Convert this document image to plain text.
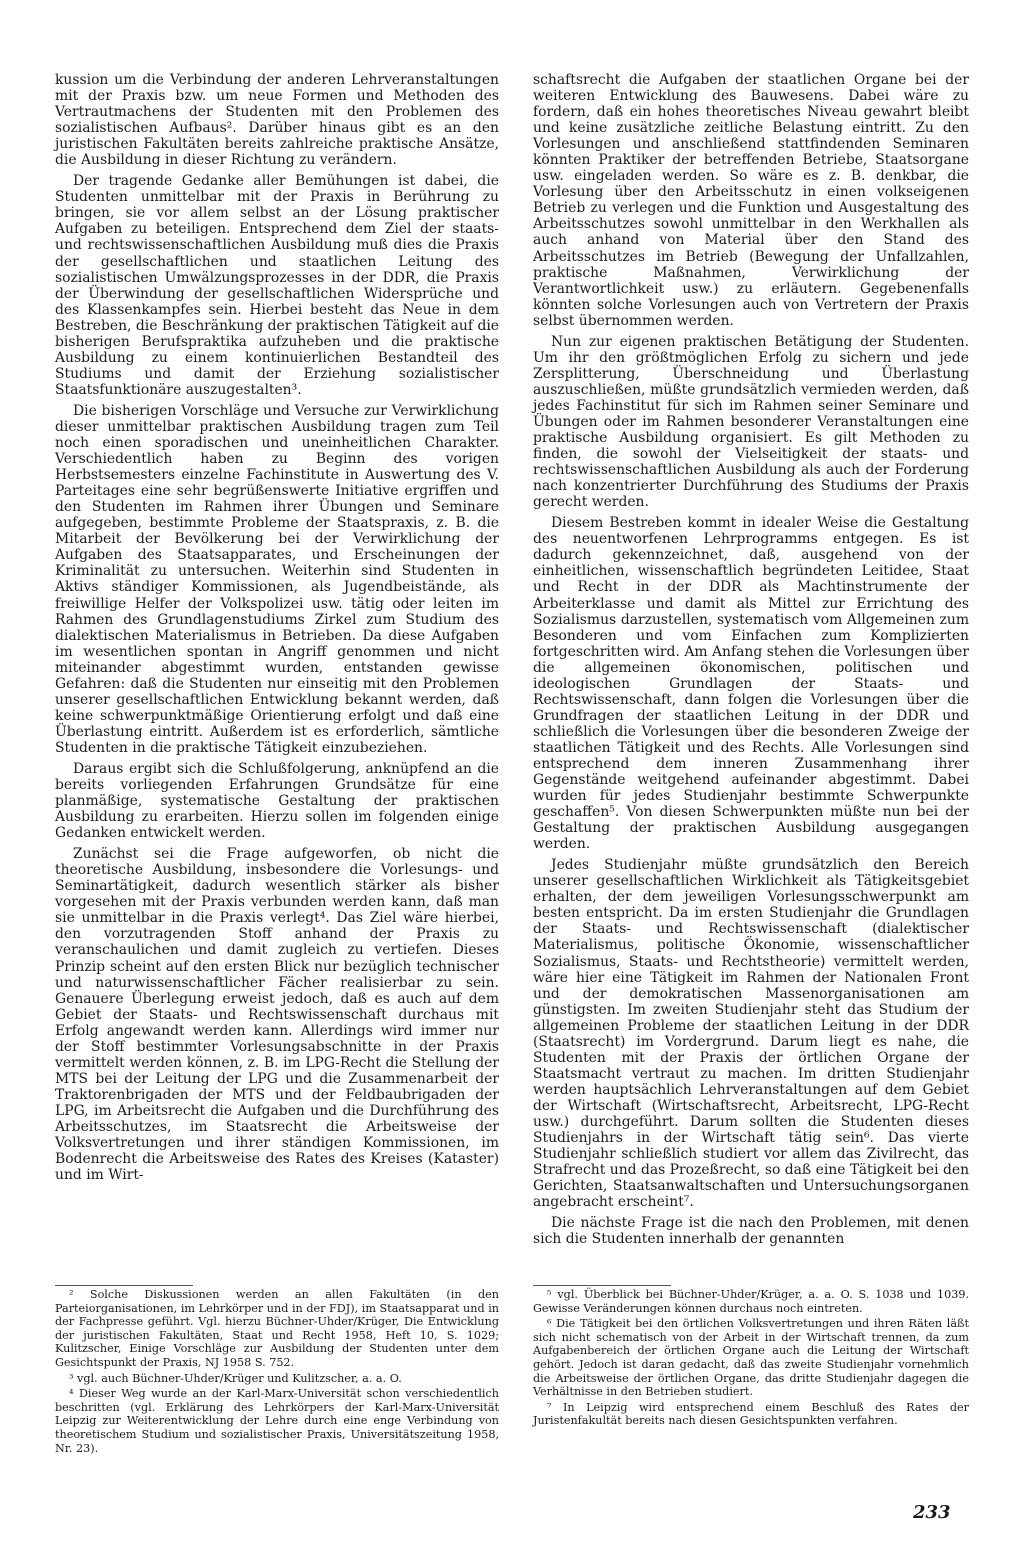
kussion um die Verbindung der anderen Lehrveranstaltungen mit der Praxis bzw. um neue Formen und Methoden des Vertrautmachens der Studenten mit den Problemen des sozialistischen Aufbaus². Darüber hinaus gibt es an den juristischen Fakultäten bereits zahlreiche praktische Ansätze, die Ausbildung in dieser Richtung zu verändern.

Der tragende Gedanke aller Bemühungen ist dabei, die Studenten unmittelbar mit der Praxis in Berührung zu bringen, sie vor allem selbst an der Lösung praktischer Aufgaben zu beteiligen. Entsprechend dem Ziel der staats- und rechtswissenschaftlichen Ausbildung muß dies die Praxis der gesellschaftlichen und staatlichen Leitung des sozialistischen Umwälzungsprozesses in der DDR, die Praxis der Überwindung der gesellschaftlichen Widersprüche und des Klassenkampfes sein. Hierbei besteht das Neue in dem Bestreben, die Beschränkung der praktischen Tätigkeit auf die bisherigen Berufspraktika aufzuheben und die praktische Ausbildung zu einem kontinuierlichen Bestandteil des Studiums und damit der Erziehung sozialistischer Staatsfunktionäre auszugestalten³.

Die bisherigen Vorschläge und Versuche zur Verwirklichung dieser unmittelbar praktischen Ausbildung tragen zum Teil noch einen sporadischen und uneinheitlichen Charakter. Verschiedentlich haben zu Beginn des vorigen Herbstsemesters einzelne Fachinstitute in Auswertung des V. Parteitages eine sehr begrüßenswerte Initiative ergriffen und den Studenten im Rahmen ihrer Übungen und Seminare aufgegeben, bestimmte Probleme der Staatspraxis, z. B. die Mitarbeit der Bevölkerung bei der Verwirklichung der Aufgaben des Staatsapparates, und Erscheinungen der Kriminalität zu untersuchen. Weiterhin sind Studenten in Aktivs ständiger Kommissionen, als Jugendbeistände, als freiwillige Helfer der Volkspolizei usw. tätig oder leiten im Rahmen des Grundlagenstudiums Zirkel zum Studium des dialektischen Materialismus in Betrieben. Da diese Aufgaben im wesentlichen spontan in Angriff genommen und nicht miteinander abgestimmt wurden, entstanden gewisse Gefahren: daß die Studenten nur einseitig mit den Problemen unserer gesellschaftlichen Entwicklung bekannt werden, daß keine schwerpunktmäßige Orientierung erfolgt und daß eine Überlastung eintritt. Außerdem ist es erforderlich, sämtliche Studenten in die praktische Tätigkeit einzubeziehen.

Daraus ergibt sich die Schlußfolgerung, anknüpfend an die bereits vorliegenden Erfahrungen Grundsätze für eine planmäßige, systematische Gestaltung der praktischen Ausbildung zu erarbeiten. Hierzu sollen im folgenden einige Gedanken entwickelt werden.

Zunächst sei die Frage aufgeworfen, ob nicht die theoretische Ausbildung, insbesondere die Vorlesungs- und Seminartätigkeit, dadurch wesentlich stärker als bisher vorgesehen mit der Praxis verbunden werden kann, daß man sie unmittelbar in die Praxis verlegt⁴. Das Ziel wäre hierbei, den vorzutragenden Stoff anhand der Praxis zu veranschaulichen und damit zugleich zu vertiefen. Dieses Prinzip scheint auf den ersten Blick nur bezüglich technischer und naturwissenschaftlicher Fächer realisierbar zu sein. Genauere Überlegung erweist jedoch, daß es auch auf dem Gebiet der Staats- und Rechtswissenschaft durchaus mit Erfolg angewandt werden kann. Allerdings wird immer nur der Stoff bestimmter Vorlesungsabschnitte in der Praxis vermittelt werden können, z. B. im LPG-Recht die Stellung der MTS bei der Leitung der LPG und die Zusammenarbeit der Traktorenbrigaden der MTS und der Feldbaubrigaden der LPG, im Arbeitsrecht die Aufgaben und die Durchführung des Arbeitsschutzes, im Staatsrecht die Arbeitsweise der Volksvertretungen und ihrer ständigen Kommissionen, im Bodenrecht die Arbeitsweise des Rates des Kreises (Kataster) und im Wirt-

schaftsrecht die Aufgaben der staatlichen Organe bei der weiteren Entwicklung des Bauwesens. Dabei wäre zu fordern, daß ein hohes theoretisches Niveau gewahrt bleibt und keine zusätzliche zeitliche Belastung eintritt. Zu den Vorlesungen und anschließend stattfindenden Seminaren könnten Praktiker der betreffenden Betriebe, Staatsorgane usw. eingeladen werden. So wäre es z. B. denkbar, die Vorlesung über den Arbeitsschutz in einen volkseigenen Betrieb zu verlegen und die Funktion und Ausgestaltung des Arbeitsschutzes sowohl unmittelbar in den Werkhallen als auch anhand von Material über den Stand des Arbeitsschutzes im Betrieb (Bewegung der Unfallzahlen, praktische Maßnahmen, Verwirklichung der Verantwortlichkeit usw.) zu erläutern. Gegebenenfalls könnten solche Vorlesungen auch von Vertretern der Praxis selbst übernommen werden.

Nun zur eigenen praktischen Betätigung der Studenten. Um ihr den größtmöglichen Erfolg zu sichern und jede Zersplitterung, Überschneidung und Überlastung auszuschließen, müßte grundsätzlich vermieden werden, daß jedes Fachinstitut für sich im Rahmen seiner Seminare und Übungen oder im Rahmen besonderer Veranstaltungen eine praktische Ausbildung organisiert. Es gilt Methoden zu finden, die sowohl der Vielseitigkeit der staats- und rechtswissenschaftlichen Ausbildung als auch der Forderung nach konzentrierter Durchführung des Studiums der Praxis gerecht werden.

Diesem Bestreben kommt in idealer Weise die Gestaltung des neuentworfenen Lehrprogramms entgegen. Es ist dadurch gekennzeichnet, daß, ausgehend von der einheitlichen, wissenschaftlich begründeten Leitidee, Staat und Recht in der DDR als Machtinstrumente der Arbeiterklasse und damit als Mittel zur Errichtung des Sozialismus darzustellen, systematisch vom Allgemeinen zum Besonderen und vom Einfachen zum Komplizierten fortgeschritten wird. Am Anfang stehen die Vorlesungen über die allgemeinen ökonomischen, politischen und ideologischen Grundlagen der Staats- und Rechtswissenschaft, dann folgen die Vorlesungen über die Grundfragen der staatlichen Leitung in der DDR und schließlich die Vorlesungen über die besonderen Zweige der staatlichen Tätigkeit und des Rechts. Alle Vorlesungen sind entsprechend dem inneren Zusammenhang ihrer Gegenstände weitgehend aufeinander abgestimmt. Dabei wurden für jedes Studienjahr bestimmte Schwerpunkte geschaffen⁵. Von diesen Schwerpunkten müßte nun bei der Gestaltung der praktischen Ausbildung ausgegangen werden.

Jedes Studienjahr müßte grundsätzlich den Bereich unserer gesellschaftlichen Wirklichkeit als Tätigkeitsgebiet erhalten, der dem jeweiligen Vorlesungsschwerpunkt am besten entspricht. Da im ersten Studienjahr die Grundlagen der Staats- und Rechtswissenschaft (dialektischer Materialismus, politische Ökonomie, wissenschaftlicher Sozialismus, Staats- und Rechtstheorie) vermittelt werden, wäre hier eine Tätigkeit im Rahmen der Nationalen Front und der demokratischen Massenorganisationen am günstigsten. Im zweiten Studienjahr steht das Studium der allgemeinen Probleme der staatlichen Leitung in der DDR (Staatsrecht) im Vordergrund. Darum liegt es nahe, die Studenten mit der Praxis der örtlichen Organe der Staatsmacht vertraut zu machen. Im dritten Studienjahr werden hauptsächlich Lehrveranstaltungen auf dem Gebiet der Wirtschaft (Wirtschaftsrecht, Arbeitsrecht, LPG-Recht usw.) durchgeführt. Darum sollten die Studenten dieses Studienjahrs in der Wirtschaft tätig sein⁶. Das vierte Studienjahr schließlich studiert vor allem das Zivilrecht, das Strafrecht und das Prozeßrecht, so daß eine Tätigkeit bei den Gerichten, Staatsanwaltschaften und Untersuchungsorganen angebracht erscheint⁷.

Die nächste Frage ist die nach den Problemen, mit denen sich die Studenten innerhalb der genannten

² Solche Diskussionen werden an allen Fakultäten (in den Parteiorganisationen, im Lehrkörper und in der FDJ), im Staatsapparat und in der Fachpresse geführt. Vgl. hierzu Büchner-Uhder/Krüger, Die Entwicklung der juristischen Fakultäten, Staat und Recht 1958, Heft 10, S. 1029; Kulitzscher, Einige Vorschläge zur Ausbildung der Studenten unter dem Gesichtspunkt der Praxis, NJ 1958 S. 752.

³ vgl. auch Büchner-Uhder/Krüger und Kulitzscher, a. a. O.

⁴ Dieser Weg wurde an der Karl-Marx-Universität schon verschiedentlich beschritten (vgl. Erklärung des Lehrkörpers der Karl-Marx-Universität Leipzig zur Weiterentwicklung der Lehre durch eine enge Verbindung von theoretischem Studium und sozialistischer Praxis, Universitätszeitung 1958, Nr. 23).

⁵ vgl. Überblick bei Büchner-Uhder/Krüger, a. a. O. S. 1038 und 1039. Gewisse Veränderungen können durchaus noch eintreten.

⁶ Die Tätigkeit bei den örtlichen Volksvertretungen und ihren Räten läßt sich nicht schematisch von der Arbeit in der Wirtschaft trennen, da zum Aufgabenbereich der örtlichen Organe auch die Leitung der Wirtschaft gehört. Jedoch ist daran gedacht, daß das zweite Studienjahr vornehmlich die Arbeitsweise der örtlichen Organe, das dritte Studienjahr dagegen die Verhältnisse in den Betrieben studiert.

⁷ In Leipzig wird entsprechend einem Beschluß des Rates der Juristenfakultät bereits nach diesen Gesichtspunkten verfahren.

233
